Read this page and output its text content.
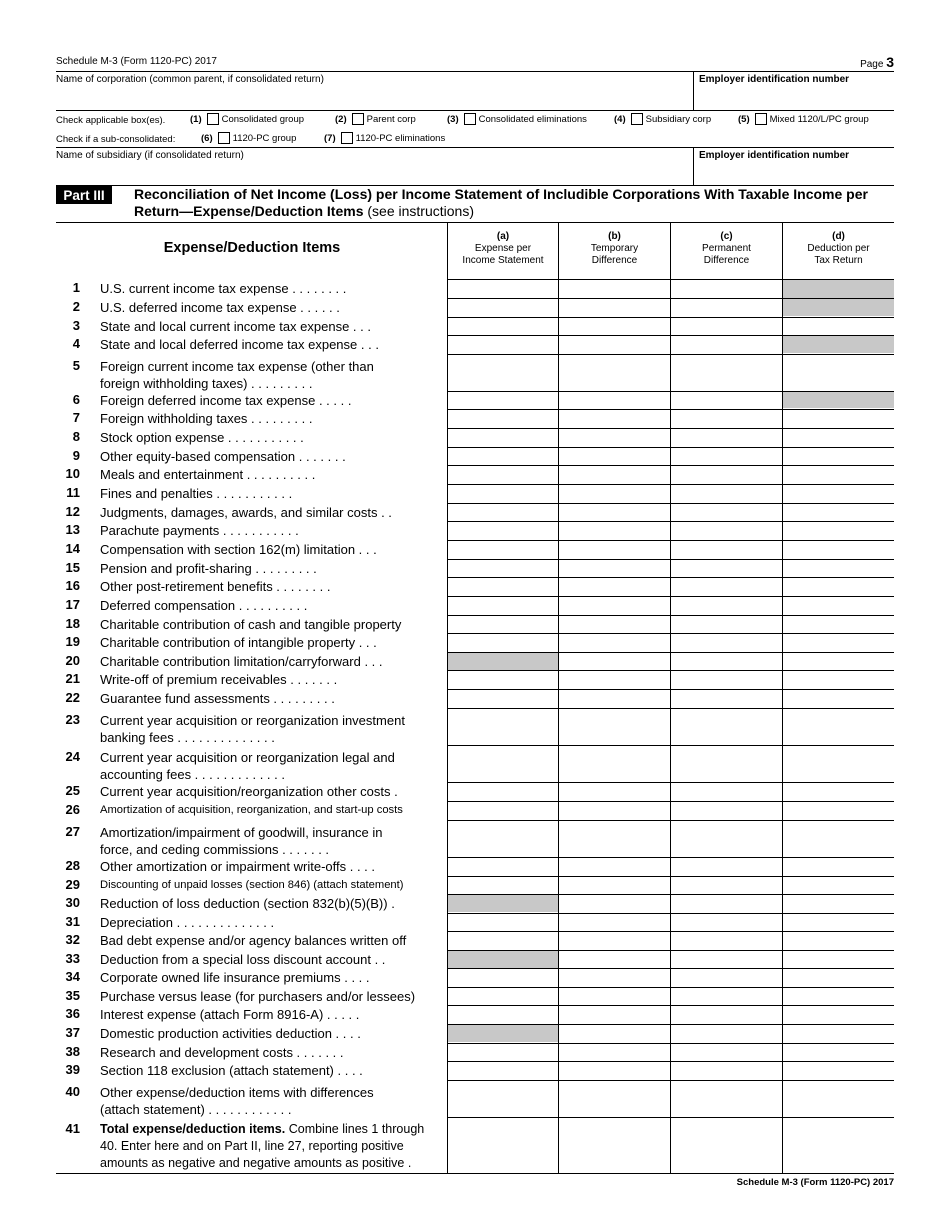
Schedule M-3 (Form 1120-PC) 2017	Page 3
Name of corporation (common parent, if consolidated return)	Employer identification number
Check applicable box(es).	(1) Consolidated group	(2) Parent corp	(3) Consolidated eliminations	(4) Subsidiary corp	(5) Mixed 1120/L/PC group
Check if a sub-consolidated:	(6) 1120-PC group	(7) 1120-PC eliminations
Name of subsidiary (if consolidated return)	Employer identification number
Part III	Reconciliation of Net Income (Loss) per Income Statement of Includible Corporations With Taxable Income per Return—Expense/Deduction Items (see instructions)
Expense/Deduction Items
(a)
Expense per
Income Statement
(b)
Temporary
Difference
(c)
Permanent
Difference
(d)
Deduction per
Tax Return
1 U.S. current income tax expense . . . . . . . .
2 U.S. deferred income tax expense . . . . . .
3 State and local current income tax expense . . .
4 State and local deferred income tax expense . . .
5 Foreign current income tax expense (other than
foreign withholding taxes) . . . . . . . . .
6 Foreign deferred income tax expense . . . . .
7 Foreign withholding taxes . . . . . . . . .
8 Stock option expense . . . . . . . . . . .
9 Other equity-based compensation . . . . . . .
10 Meals and entertainment . . . . . . . . . .
11 Fines and penalties . . . . . . . . . . .
12 Judgments, damages, awards, and similar costs . .
13 Parachute payments . . . . . . . . . . .
14 Compensation with section 162(m) limitation . . .
15 Pension and profit-sharing . . . . . . . . .
16 Other post-retirement benefits . . . . . . . .
17 Deferred compensation . . . . . . . . . .
18 Charitable contribution of cash and tangible property
19 Charitable contribution of intangible property . . .
20 Charitable contribution limitation/carryforward . . .
21 Write-off of premium receivables . . . . . . .
22 Guarantee fund assessments . . . . . . . . .
23 Current year acquisition or reorganization investment
banking fees . . . . . . . . . . . . . .
24 Current year acquisition or reorganization legal and
accounting fees . . . . . . . . . . . . .
25 Current year acquisition/reorganization other costs .
26 Amortization of acquisition, reorganization, and start-up costs
27 Amortization/impairment of goodwill, insurance in
force, and ceding commissions . . . . . . .
28 Other amortization or impairment write-offs . . . .
29 Discounting of unpaid losses (section 846) (attach statement)
30 Reduction of loss deduction (section 832(b)(5)(B)) .
31 Depreciation . . . . . . . . . . . . . .
32 Bad debt expense and/or agency balances written off
33 Deduction from a special loss discount account . .
34 Corporate owned life insurance premiums . . . .
35 Purchase versus lease (for purchasers and/or lessees)
36 Interest expense (attach Form 8916-A) . . . . .
37 Domestic production activities deduction . . . .
38 Research and development costs . . . . . . .
39 Section 118 exclusion (attach statement) . . . .
40 Other expense/deduction items with differences
(attach statement) . . . . . . . . . . . .
41 Total expense/deduction items. Combine lines 1 through
40. Enter here and on Part II, line 27, reporting positive
amounts as negative and negative amounts as positive .
Schedule M-3 (Form 1120-PC) 2017
